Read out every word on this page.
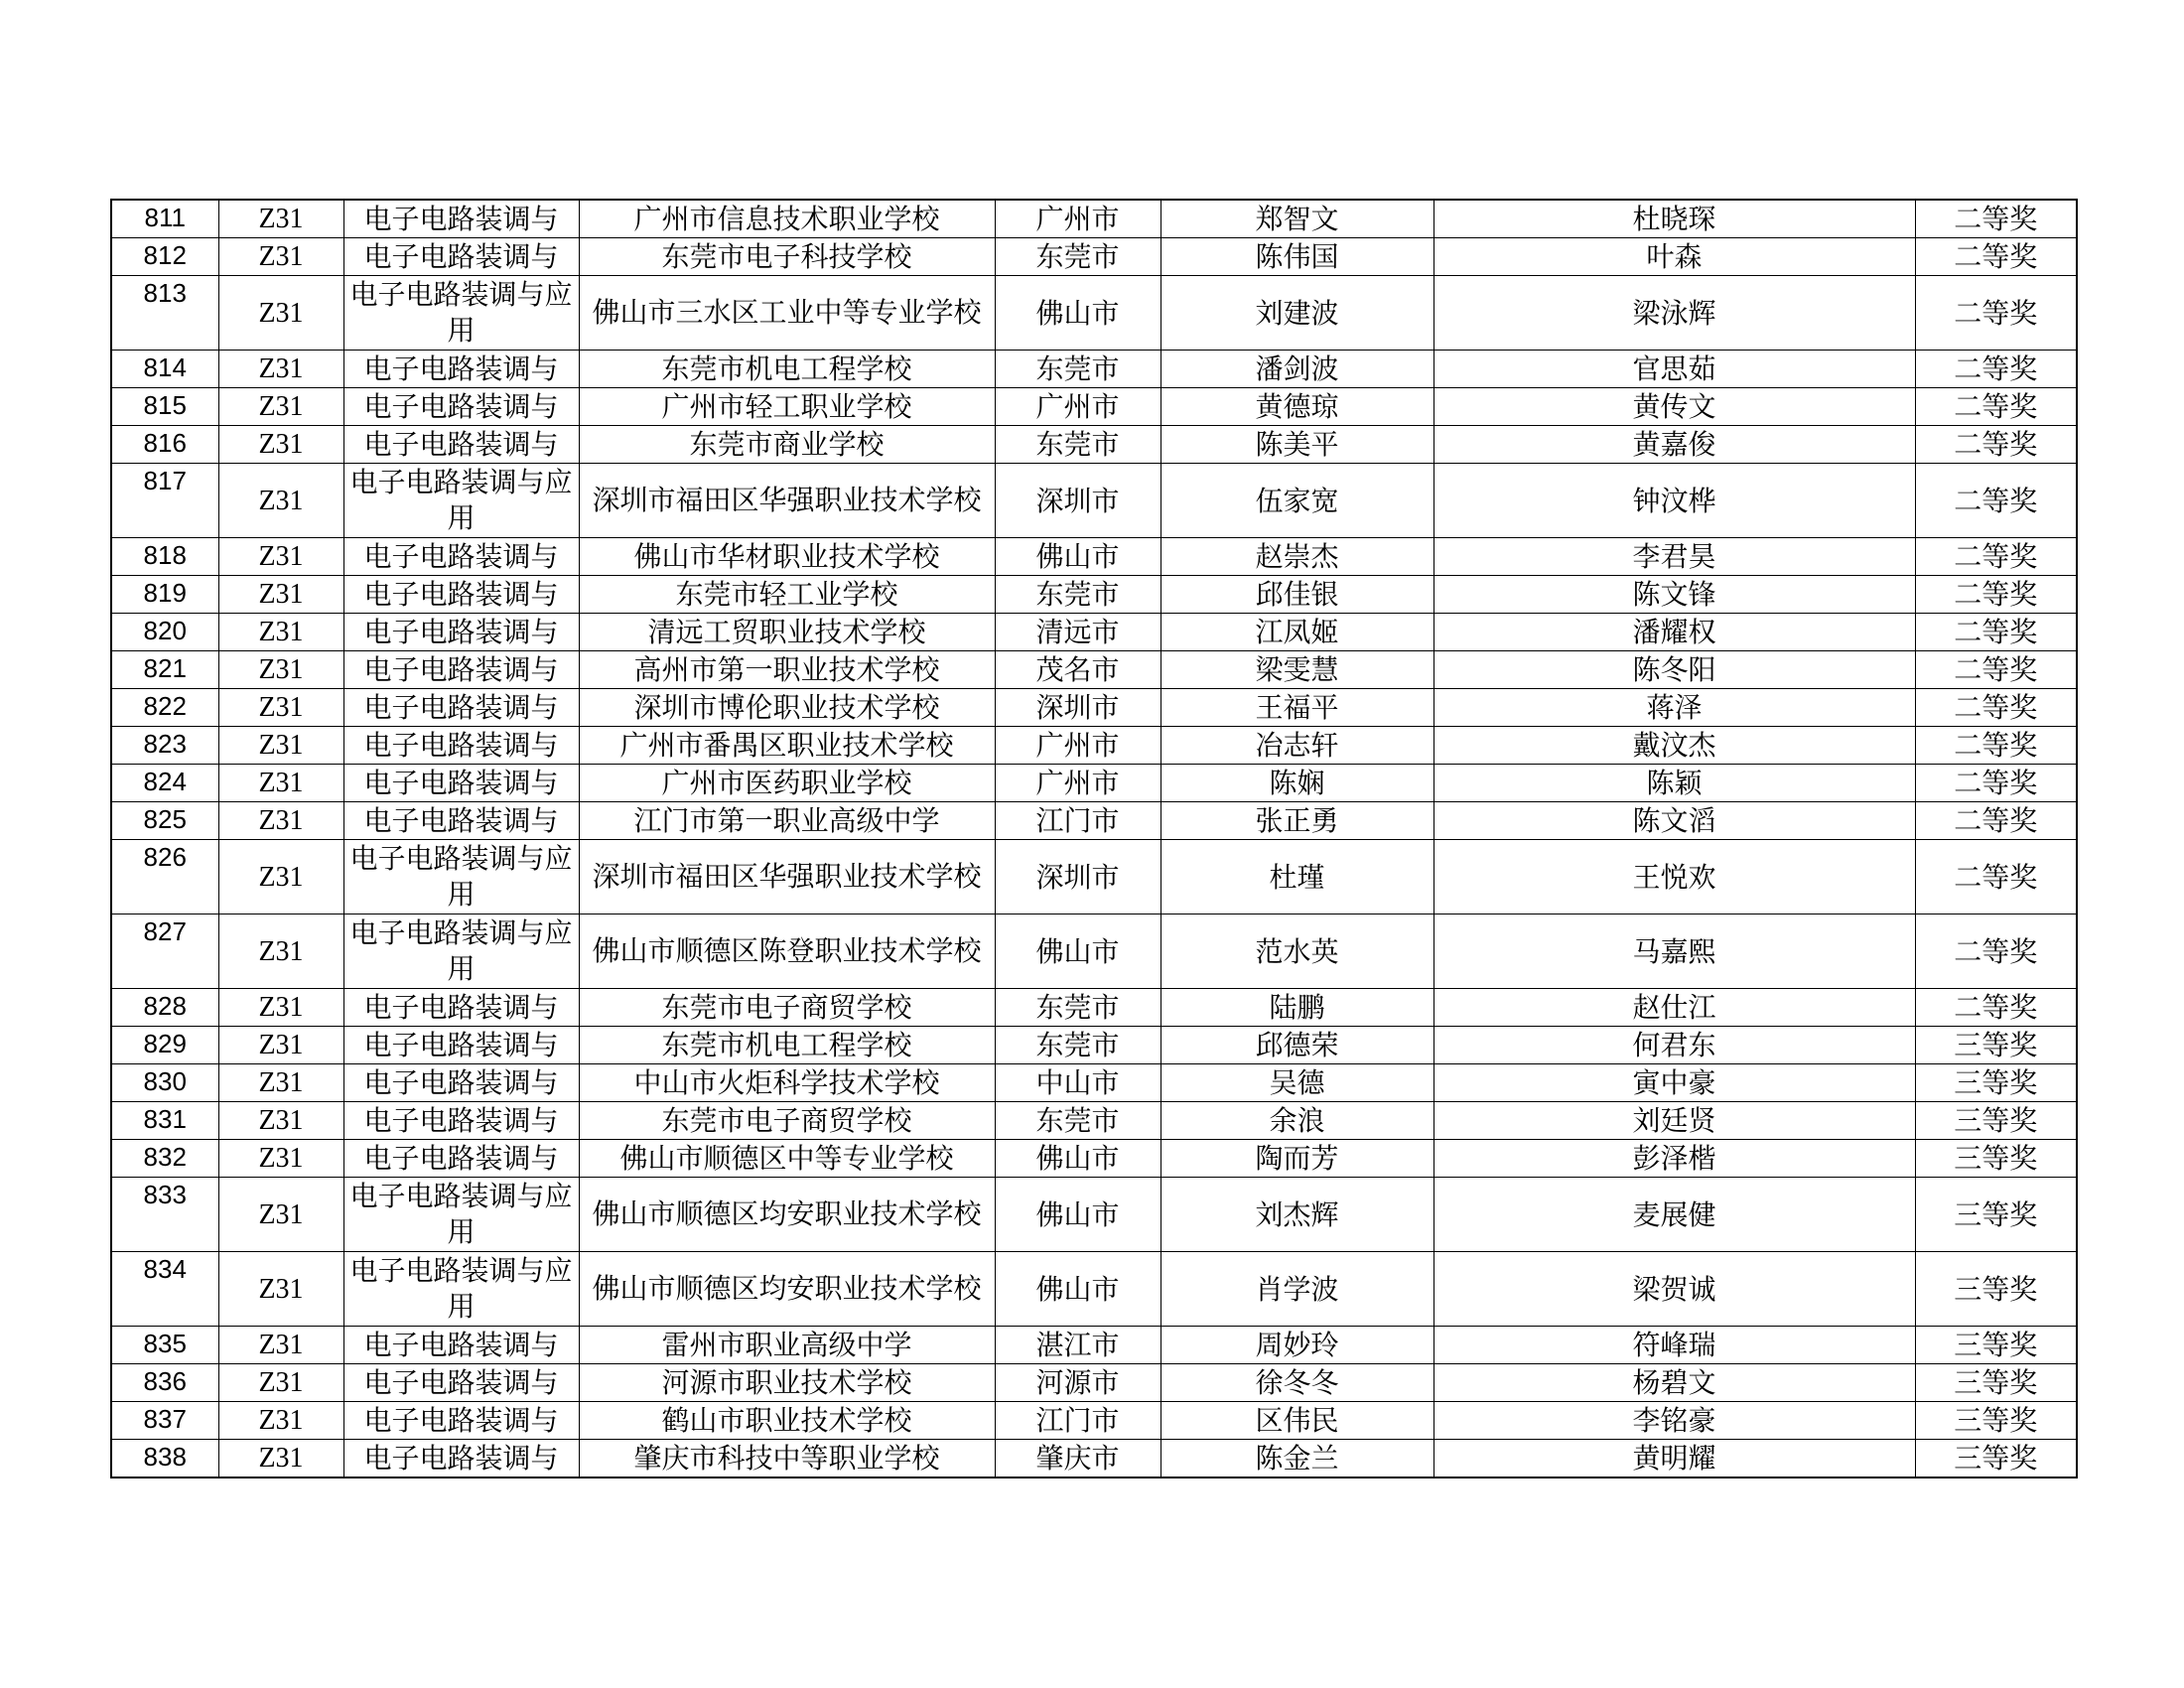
811	Z31	电子电路装调与	广州市信息技术职业学校	广州市	郑智文	杜晓琛	二等奖
812	Z31	电子电路装调与	东莞市电子科技学校	东莞市	陈伟国	叶森	二等奖
813	Z31	电子电路装调与应用	佛山市三水区工业中等专业学校	佛山市	刘建波	梁泳辉	二等奖
814	Z31	电子电路装调与	东莞市机电工程学校	东莞市	潘剑波	官思茹	二等奖
815	Z31	电子电路装调与	广州市轻工职业学校	广州市	黄德琼	黄传文	二等奖
816	Z31	电子电路装调与	东莞市商业学校	东莞市	陈美平	黄嘉俊	二等奖
817	Z31	电子电路装调与应用	深圳市福田区华强职业技术学校	深圳市	伍家宽	钟汶桦	二等奖
818	Z31	电子电路装调与	佛山市华材职业技术学校	佛山市	赵崇杰	李君昊	二等奖
819	Z31	电子电路装调与	东莞市轻工业学校	东莞市	邱佳银	陈文锋	二等奖
820	Z31	电子电路装调与	清远工贸职业技术学校	清远市	江凤姬	潘耀权	二等奖
821	Z31	电子电路装调与	高州市第一职业技术学校	茂名市	梁雯慧	陈冬阳	二等奖
822	Z31	电子电路装调与	深圳市博伦职业技术学校	深圳市	王福平	蒋泽	二等奖
823	Z31	电子电路装调与	广州市番禺区职业技术学校	广州市	冶志轩	戴汶杰	二等奖
824	Z31	电子电路装调与	广州市医药职业学校	广州市	陈娴	陈颖	二等奖
825	Z31	电子电路装调与	江门市第一职业高级中学	江门市	张正勇	陈文滔	二等奖
826	Z31	电子电路装调与应用	深圳市福田区华强职业技术学校	深圳市	杜瑾	王悦欢	二等奖
827	Z31	电子电路装调与应用	佛山市顺德区陈登职业技术学校	佛山市	范水英	马嘉熙	二等奖
828	Z31	电子电路装调与	东莞市电子商贸学校	东莞市	陆鹏	赵仕江	二等奖
829	Z31	电子电路装调与	东莞市机电工程学校	东莞市	邱德荣	何君东	三等奖
830	Z31	电子电路装调与	中山市火炬科学技术学校	中山市	吴德	寅中豪	三等奖
831	Z31	电子电路装调与	东莞市电子商贸学校	东莞市	余浪	刘廷贤	三等奖
832	Z31	电子电路装调与	佛山市顺德区中等专业学校	佛山市	陶而芳	彭泽楷	三等奖
833	Z31	电子电路装调与应用	佛山市顺德区均安职业技术学校	佛山市	刘杰辉	麦展健	三等奖
834	Z31	电子电路装调与应用	佛山市顺德区均安职业技术学校	佛山市	肖学波	梁贺诚	三等奖
835	Z31	电子电路装调与	雷州市职业高级中学	湛江市	周妙玲	符峰瑞	三等奖
836	Z31	电子电路装调与	河源市职业技术学校	河源市	徐冬冬	杨碧文	三等奖
837	Z31	电子电路装调与	鹤山市职业技术学校	江门市	区伟民	李铭豪	三等奖
838	Z31	电子电路装调与	肇庆市科技中等职业学校	肇庆市	陈金兰	黄明耀	三等奖
